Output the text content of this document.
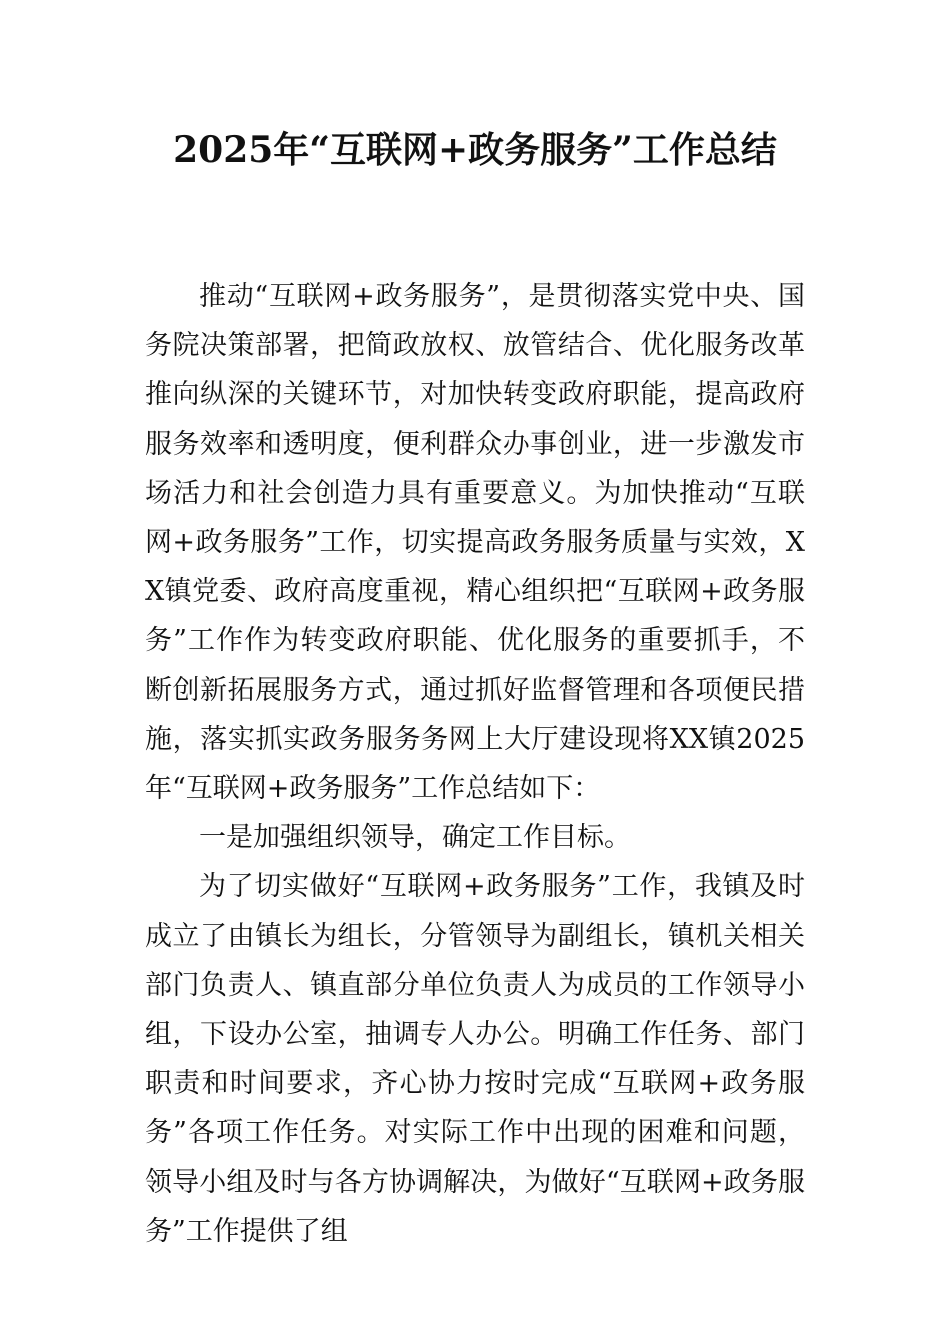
2025年“互联网+政务服务”工作总结

推动“互联网+政务服务”，是贯彻落实党中央、国务院决策部署，把简政放权、放管结合、优化服务改革推向纵深的关键环节，对加快转变政府职能，提高政府服务效率和透明度，便利群众办事创业，进一步激发市场活力和社会创造力具有重要意义。为加快推动“互联网+政务服务”工作，切实提高政务服务质量与实效，XX镇党委、政府高度重视，精心组织把“互联网+政务服务”工作作为转变政府职能、优化服务的重要抓手，不断创新拓展服务方式，通过抓好监督管理和各项便民措施，落实抓实政务服务务网上大厅建设现将XX镇2025年“互联网+政务服务”工作总结如下：

一是加强组织领导，确定工作目标。

为了切实做好“互联网+政务服务”工作，我镇及时成立了由镇长为组长，分管领导为副组长，镇机关相关部门负责人、镇直部分单位负责人为成员的工作领导小组，下设办公室，抽调专人办公。明确工作任务、部门职责和时间要求，齐心协力按时完成“互联网+政务服务”各项工作任务。对实际工作中出现的困难和问题，领导小组及时与各方协调解决，为做好“互联网+政务服务”工作提供了组
